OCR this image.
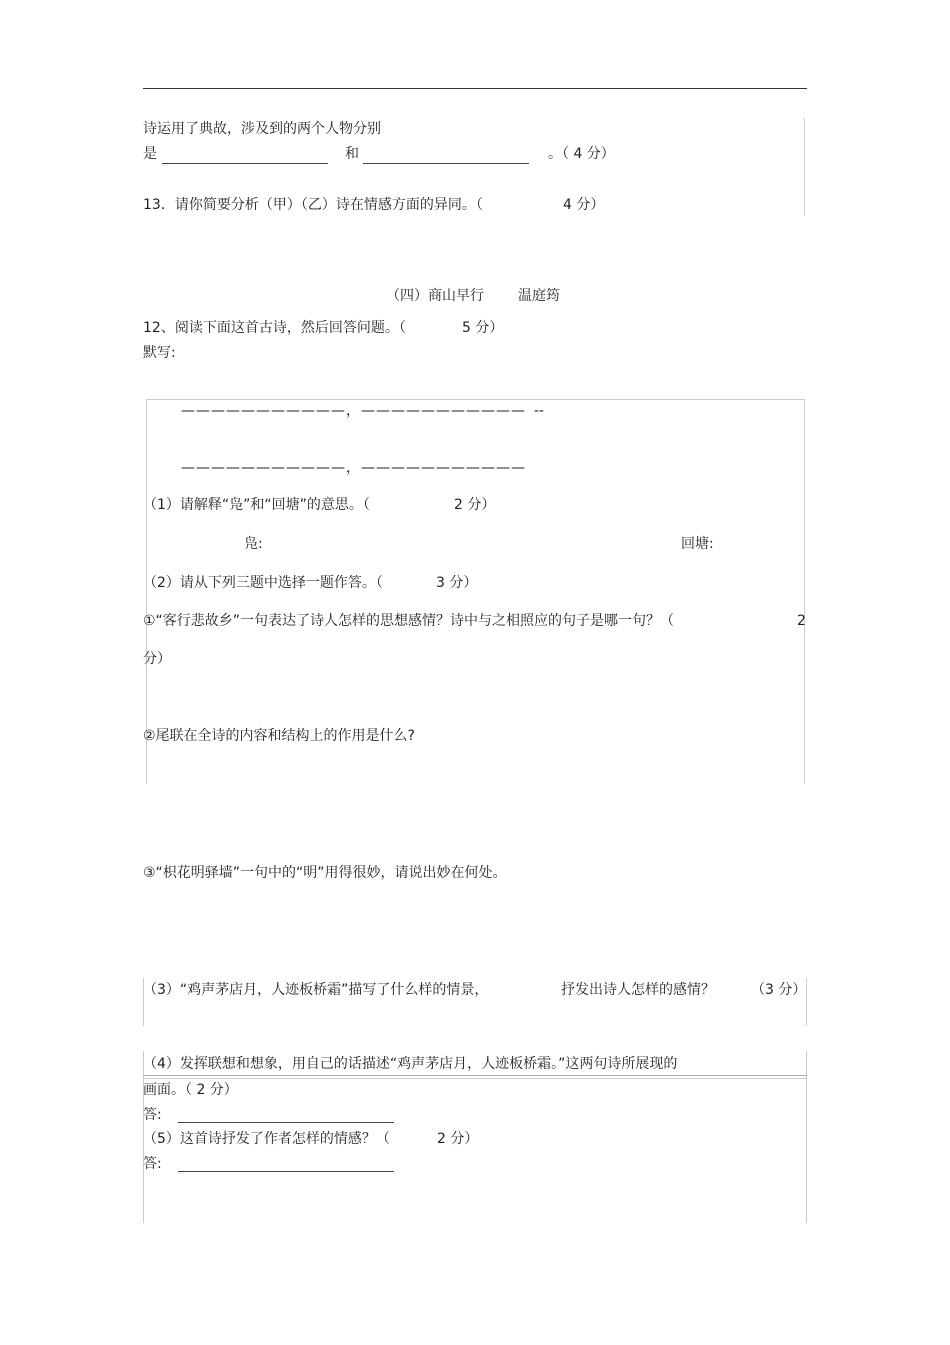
诗运用了典故，涉及到的两个人物分别
是	和	。（ 4 分）
13．请你简要分析（甲）（乙）诗在情感方面的异同。（	4 分）
（四）商山早行 温庭筠
12、阅读下面这首古诗，然后回答问题。（	5 分）
默写:
———————————，——————————— --
———————————，———————————
（1）请解释“凫”和“回塘”的意思。（	2 分）
凫:	回塘:
（2）请从下列三题中选择一题作答。（	3 分）
①“客行悲故乡”一句表达了诗人怎样的思想感情？诗中与之相照应的句子是哪一句？（	2
分）
②尾联在全诗的内容和结构上的作用是什么?
③“枳花明驿墙”一句中的“明”用得很妙，请说出妙在何处。
（3）“鸡声茅店月，人迹板桥霜”描写了什么样的情景，	抒发出诗人怎样的感情？	（3 分）
（4）发挥联想和想象，用自己的话描述“鸡声茅店月，人迹板桥霜。”这两句诗所展现的
画面。（ 2 分）
答:
（5）这首诗抒发了作者怎样的情感？（	2 分）
答:
